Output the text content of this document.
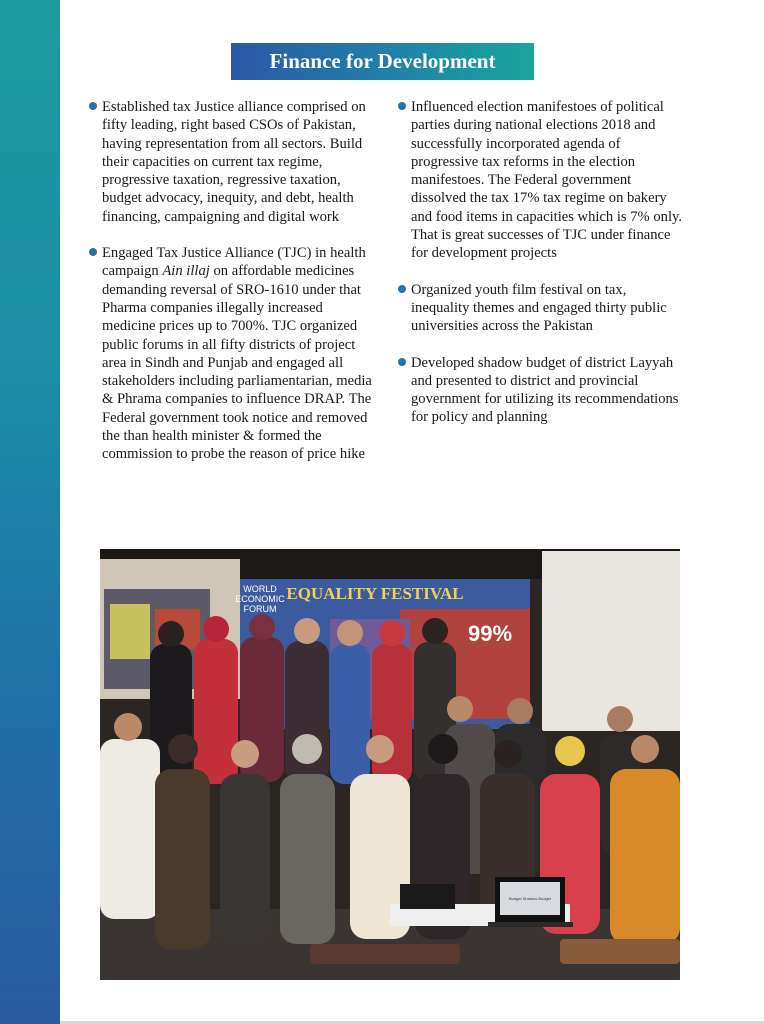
Finance for Development

Established tax Justice alliance comprised on fifty leading, right based CSOs of Pakistan, having representation from all sectors. Build their capacities on current tax regime, progressive taxation, regressive taxation, budget advocacy, inequity, and debt, health financing, campaigning and digital work

Engaged Tax Justice Alliance (TJC) in health campaign Ain illaj on affordable medicines demanding reversal of SRO-1610 under that Pharma companies illegally increased medicine prices up to 700%. TJC organized public forums in all fifty districts of project area in Sindh and Punjab and engaged all stakeholders including parliamentarian, media & Phrama companies to influence DRAP. The Federal government took notice and removed the than health minister & formed the commission to probe the reason of price hike

Influenced election manifestoes of political parties during national elections 2018 and successfully incorporated agenda of progressive tax reforms in the election manifestoes. The Federal government dissolved the tax 17% tax regime on bakery and food items in capacities which is 7% only. That is great successes of TJC under finance for development projects

Organized youth film festival on tax, inequality themes and engaged thirty public universities across the Pakistan

Developed shadow budget of district Layyah and presented to district and provincial government for utilizing its recommendations for policy and planning

WORLD
ECONOMIC
FORUM
EQUALITY FESTIVAL
99%
Budget Shadow Budget
